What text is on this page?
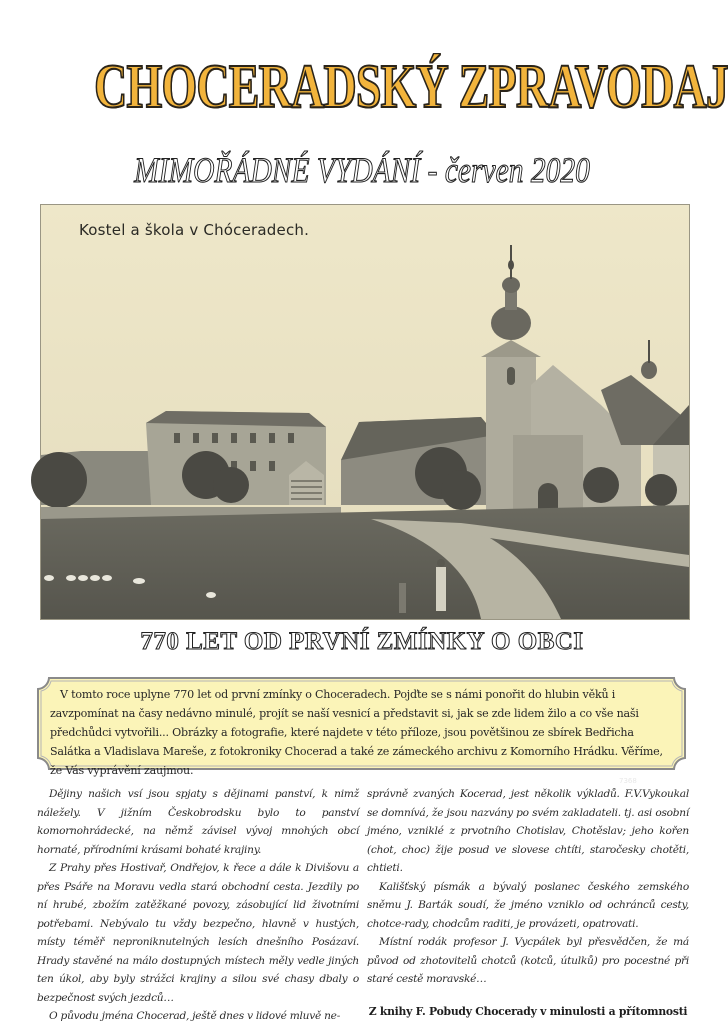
CHOCERADSKÝ ZPRAVODAJ
MIMOŘÁDNÉ VYDÁNÍ - červen 2020
Kostel a škola v Chóceradech.
7368
770 LET OD PRVNÍ ZMÍNKY O OBCI
V tomto roce uplyne 770 let od první zmínky o Choceradech. Pojďte se s námi ponořit do hlubin věků i zavzpomínat na časy nedávno minulé, projít se naší vesnicí a představit si, jak se zde lidem žilo a co vše naši předchůdci vytvořili... Obrázky a fotografie, které najdete v této příloze, jsou povětšinou ze sbírek Bedřicha Salátka a Vladislava Mareše, z fotokroniky Chocerad a také ze zámeckého archivu z Komorního Hrádku. Věříme, že Vás vyprávění zaujmou.

Dějiny našich vsí jsou spjaty s dějinami panství, k nimž náležely. V jižním Českobrodsku bylo to panství komornohrádecké, na němž závisel vývoj mnohých obcí hornaté, přírodními krásami bohaté krajiny.

Z Prahy přes Hostivař, Ondřejov, k řece a dále k Divišovu a přes Psáře na Moravu vedla stará obchodní cesta. Jezdily po ní hrubé, zbožím zatěžkané povozy, zásobující lid životními potřebami. Nebývalo tu vždy bezpečno, hlavně v hustých, místy téměř neproniknutelných lesích dnešního Posázaví. Hrady stavěné na málo dostupných místech měly vedle jiných ten úkol, aby byly strážci krajiny a silou své chasy dbaly o bezpečnost svých jezdců…

O původu jména Chocerad, ještě dnes v lidové mluvě ne-

správně zvaných Kocerad, jest několik výkladů. F.V.Vykoukal se domnívá, že jsou nazvány po svém zakladateli. tj. asi osobní jméno, vzniklé z prvotního Chotislav, Chotěslav; jeho kořen (chot, choc) žije posud ve slovese chtíti, staročesky chotěti, chtieti.

Kališťský písmák a bývalý poslanec českého zemského sněmu J. Barták soudí, že jméno vzniklo od ochránců cesty, chotce-rady, chodcům raditi, je provázeti, opatrovati.

Místní rodák profesor J. Vycpálek byl přesvědčen, že má původ od zhotovitelů chotců (kotců, útulků) pro pocestné při staré cestě moravské…

Z knihy F. Pobudy Chocerady v minulosti a přítomnosti
